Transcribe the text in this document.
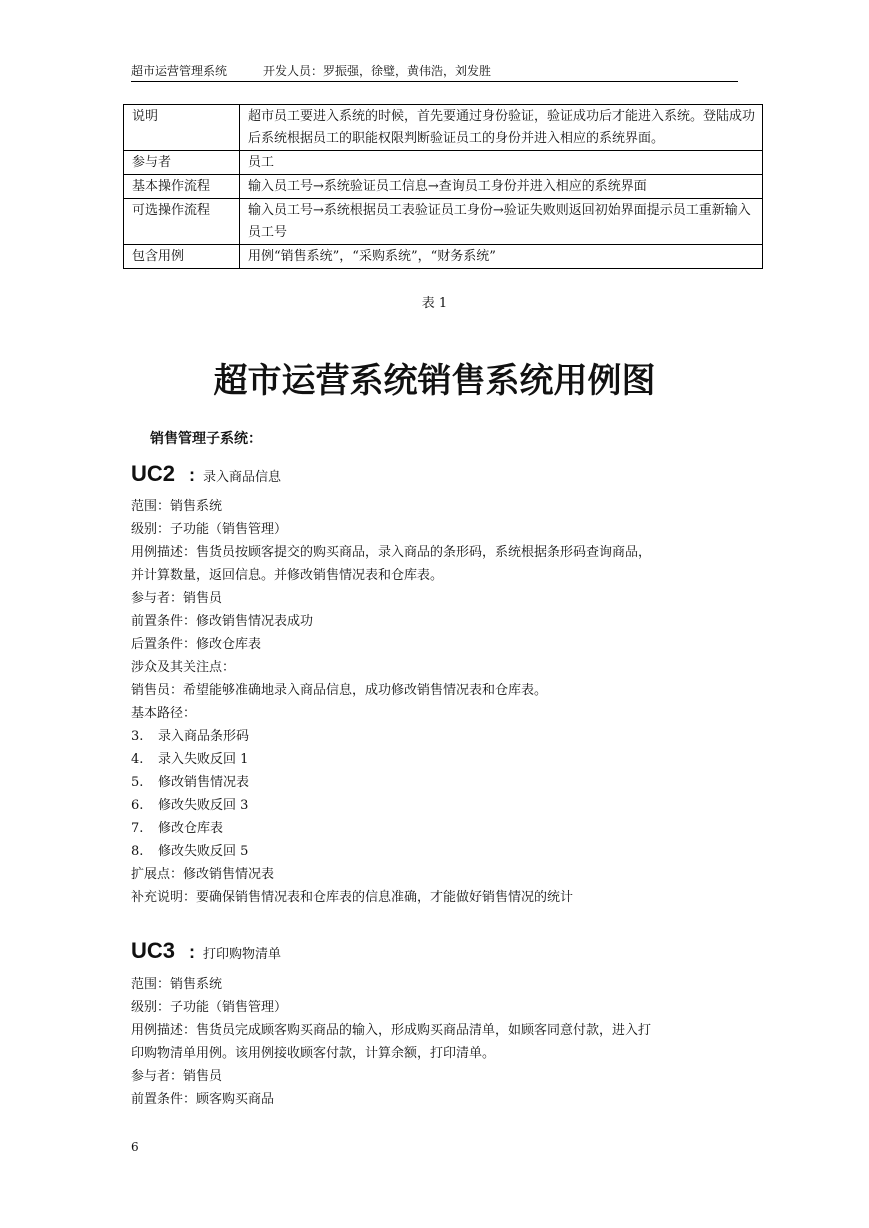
超市运营管理系统	开发人员：罗振强，徐璧，黄伟浩，刘发胜
说明	超市员工要进入系统的时候，首先要通过身份验证，验证成功后才能进入系统。登陆成功后系统根据员工的职能权限判断验证员工的身份并进入相应的系统界面。
参与者	员工
基本操作流程	输入员工号→系统验证员工信息→查询员工身份并进入相应的系统界面
可选操作流程	输入员工号→系统根据员工表验证员工身份→验证失败则返回初始界面提示员工重新输入员工号
包含用例	用例“销售系统”，“采购系统”，“财务系统”
表 1
超市运营系统销售系统用例图
销售管理子系统：
UC2 : 录入商品信息
范围：销售系统
级别：子功能（销售管理）
用例描述：售货员按顾客提交的购买商品，录入商品的条形码，系统根据条形码查询商品，
并计算数量，返回信息。并修改销售情况表和仓库表。
参与者：销售员
前置条件：修改销售情况表成功
后置条件：修改仓库表
涉众及其关注点：
销售员：希望能够准确地录入商品信息，成功修改销售情况表和仓库表。
基本路径：
3. 录入商品条形码
4. 录入失败反回 1
5. 修改销售情况表
6. 修改失败反回 3
7. 修改仓库表
8. 修改失败反回 5
扩展点：修改销售情况表
补充说明：要确保销售情况表和仓库表的信息准确，才能做好销售情况的统计
UC3 : 打印购物清单
范围：销售系统
级别：子功能（销售管理）
用例描述：售货员完成顾客购买商品的输入，形成购买商品清单，如顾客同意付款，进入打
印购物清单用例。该用例接收顾客付款，计算余额，打印清单。
参与者：销售员
前置条件：顾客购买商品
6
